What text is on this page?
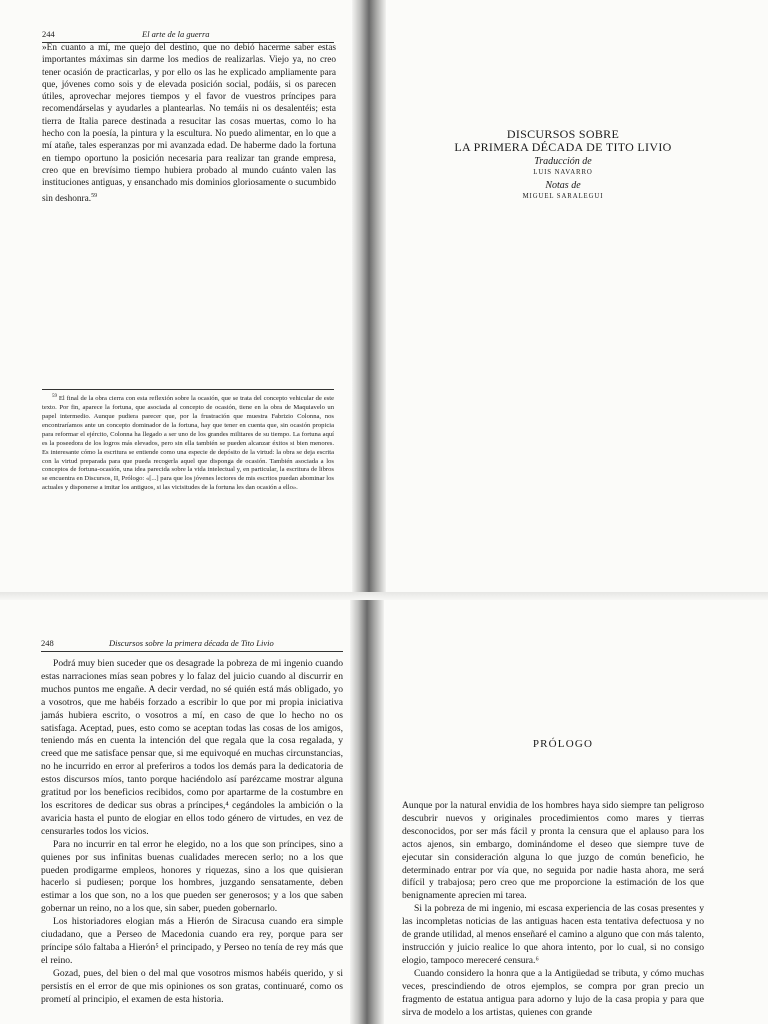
244	El arte de la guerra

»En cuanto a mí, me quejo del destino, que no debió hacerme saber estas importantes máximas sin darme los medios de realizarlas. Viejo ya, no creo tener ocasión de practicarlas, y por ello os las he explicado ampliamente para que, jóvenes como sois y de elevada posición social, podáis, si os parecen útiles, aprovechar mejores tiempos y el favor de vuestros príncipes para recomendárselas y ayudarles a plantearlas. No temáis ni os desalentéis; esta tierra de Italia parece destinada a resucitar las cosas muertas, como lo ha hecho con la poesía, la pintura y la escultura. No puedo alimentar, en lo que a mí atañe, tales esperanzas por mi avanzada edad. De haberme dado la fortuna en tiempo oportuno la posición necesaria para realizar tan grande empresa, creo que en brevísimo tiempo hubiera probado al mundo cuánto valen las instituciones antiguas, y ensanchado mis dominios gloriosamente o sucumbido sin deshonra.$^{59}$

$^{59}$ El final de la obra cierra con esta reflexión sobre la ocasión, que se trata del concepto vehicular de este texto. Por fin, aparece la fortuna, que asociada al concepto de ocasión, tiene en la obra de Maquiavelo un papel intermedio. Aunque pudiera parecer que, por la frustración que muestra Fabrizio Colonna, nos encontraríamos ante un concepto dominador de la fortuna, hay que tener en cuenta que, sin ocasión propicia para reformar el ejército, Colonna ha llegado a ser uno de los grandes militares de su tiempo. La fortuna aquí es la poseedora de los logros más elevados, pero sin ella también se pueden alcanzar éxitos si bien menores. Es interesante cómo la escritura se entiende como una especie de depósito de la virtud: la obra se deja escrita con la virtud preparada para que pueda recogerla aquel que disponga de ocasión. También asociada a los conceptos de fortuna-ocasión, una idea parecida sobre la vida intelectual y, en particular, la escritura de libros se encuentra en Discursos, II, Prólogo: «[...] para que los jóvenes lectores de mis escritos puedan abominar los actuales y disponerse a imitar los antiguos, si las vicisitudes de la fortuna les dan ocasión a ello».

DISCURSOS SOBRE
LA PRIMERA DÉCADA DE TITO LIVIO
Traducción de
LUIS NAVARRO
Notas de
MIGUEL SARALEGUI
248	Discursos sobre la primera década de Tito Livio

Podrá muy bien suceder que os desagrade la pobreza de mi ingenio cuando estas narraciones mías sean pobres y lo falaz del juicio cuando al discurrir en muchos puntos me engañe. A decir verdad, no sé quién está más obligado, yo a vosotros, que me habéis forzado a escribir lo que por mi propia iniciativa jamás hubiera escrito, o vosotros a mí, en caso de que lo hecho no os satisfaga. Aceptad, pues, esto como se aceptan todas las cosas de los amigos, teniendo más en cuenta la intención del que regala que la cosa regalada, y creed que me satisface pensar que, si me equivoqué en muchas circunstancias, no he incurrido en error al preferiros a todos los demás para la dedicatoria de estos discursos míos, tanto porque haciéndolo así parézcame mostrar alguna gratitud por los beneficios recibidos, como por apartarme de la costumbre en los escritores de dedicar sus obras a príncipes,⁴ cegándoles la ambición o la avaricia hasta el punto de elogiar en ellos todo género de virtudes, en vez de censurarles todos los vicios.

Para no incurrir en tal error he elegido, no a los que son príncipes, sino a quienes por sus infinitas buenas cualidades merecen serlo; no a los que pueden prodigarme empleos, honores y riquezas, sino a los que quisieran hacerlo si pudiesen; porque los hombres, juzgando sensatamente, deben estimar a los que son, no a los que pueden ser generosos; y a los que saben gobernar un reino, no a los que, sin saber, pueden gobernarlo.

Los historiadores elogian más a Hierón de Siracusa cuando era simple ciudadano, que a Perseo de Macedonia cuando era rey, porque para ser príncipe sólo faltaba a Hierón⁵ el principado, y Perseo no tenía de rey más que el reino.

Gozad, pues, del bien o del mal que vosotros mismos habéis querido, y si persistís en el error de que mis opiniones os son gratas, continuaré, como os prometí al principio, el examen de esta historia.

PRÓLOGO

Aunque por la natural envidia de los hombres haya sido siempre tan peligroso descubrir nuevos y originales procedimientos como mares y tierras desconocidos, por ser más fácil y pronta la censura que el aplauso para los actos ajenos, sin embargo, dominándome el deseo que siempre tuve de ejecutar sin consideración alguna lo que juzgo de común beneficio, he determinado entrar por vía que, no seguida por nadie hasta ahora, me será difícil y trabajosa; pero creo que me proporcione la estimación de los que benignamente aprecien mi tarea.

Si la pobreza de mi ingenio, mi escasa experiencia de las cosas presentes y las incompletas noticias de las antiguas hacen esta tentativa defectuosa y no de grande utilidad, al menos enseñaré el camino a alguno que con más talento, instrucción y juicio realice lo que ahora intento, por lo cual, si no consigo elogio, tampoco mereceré censura.⁶

Cuando considero la honra que a la Antigüedad se tributa, y cómo muchas veces, prescindiendo de otros ejemplos, se compra por gran precio un fragmento de estatua antigua para adorno y lujo de la casa propia y para que sirva de modelo a los artistas, quienes con grande
